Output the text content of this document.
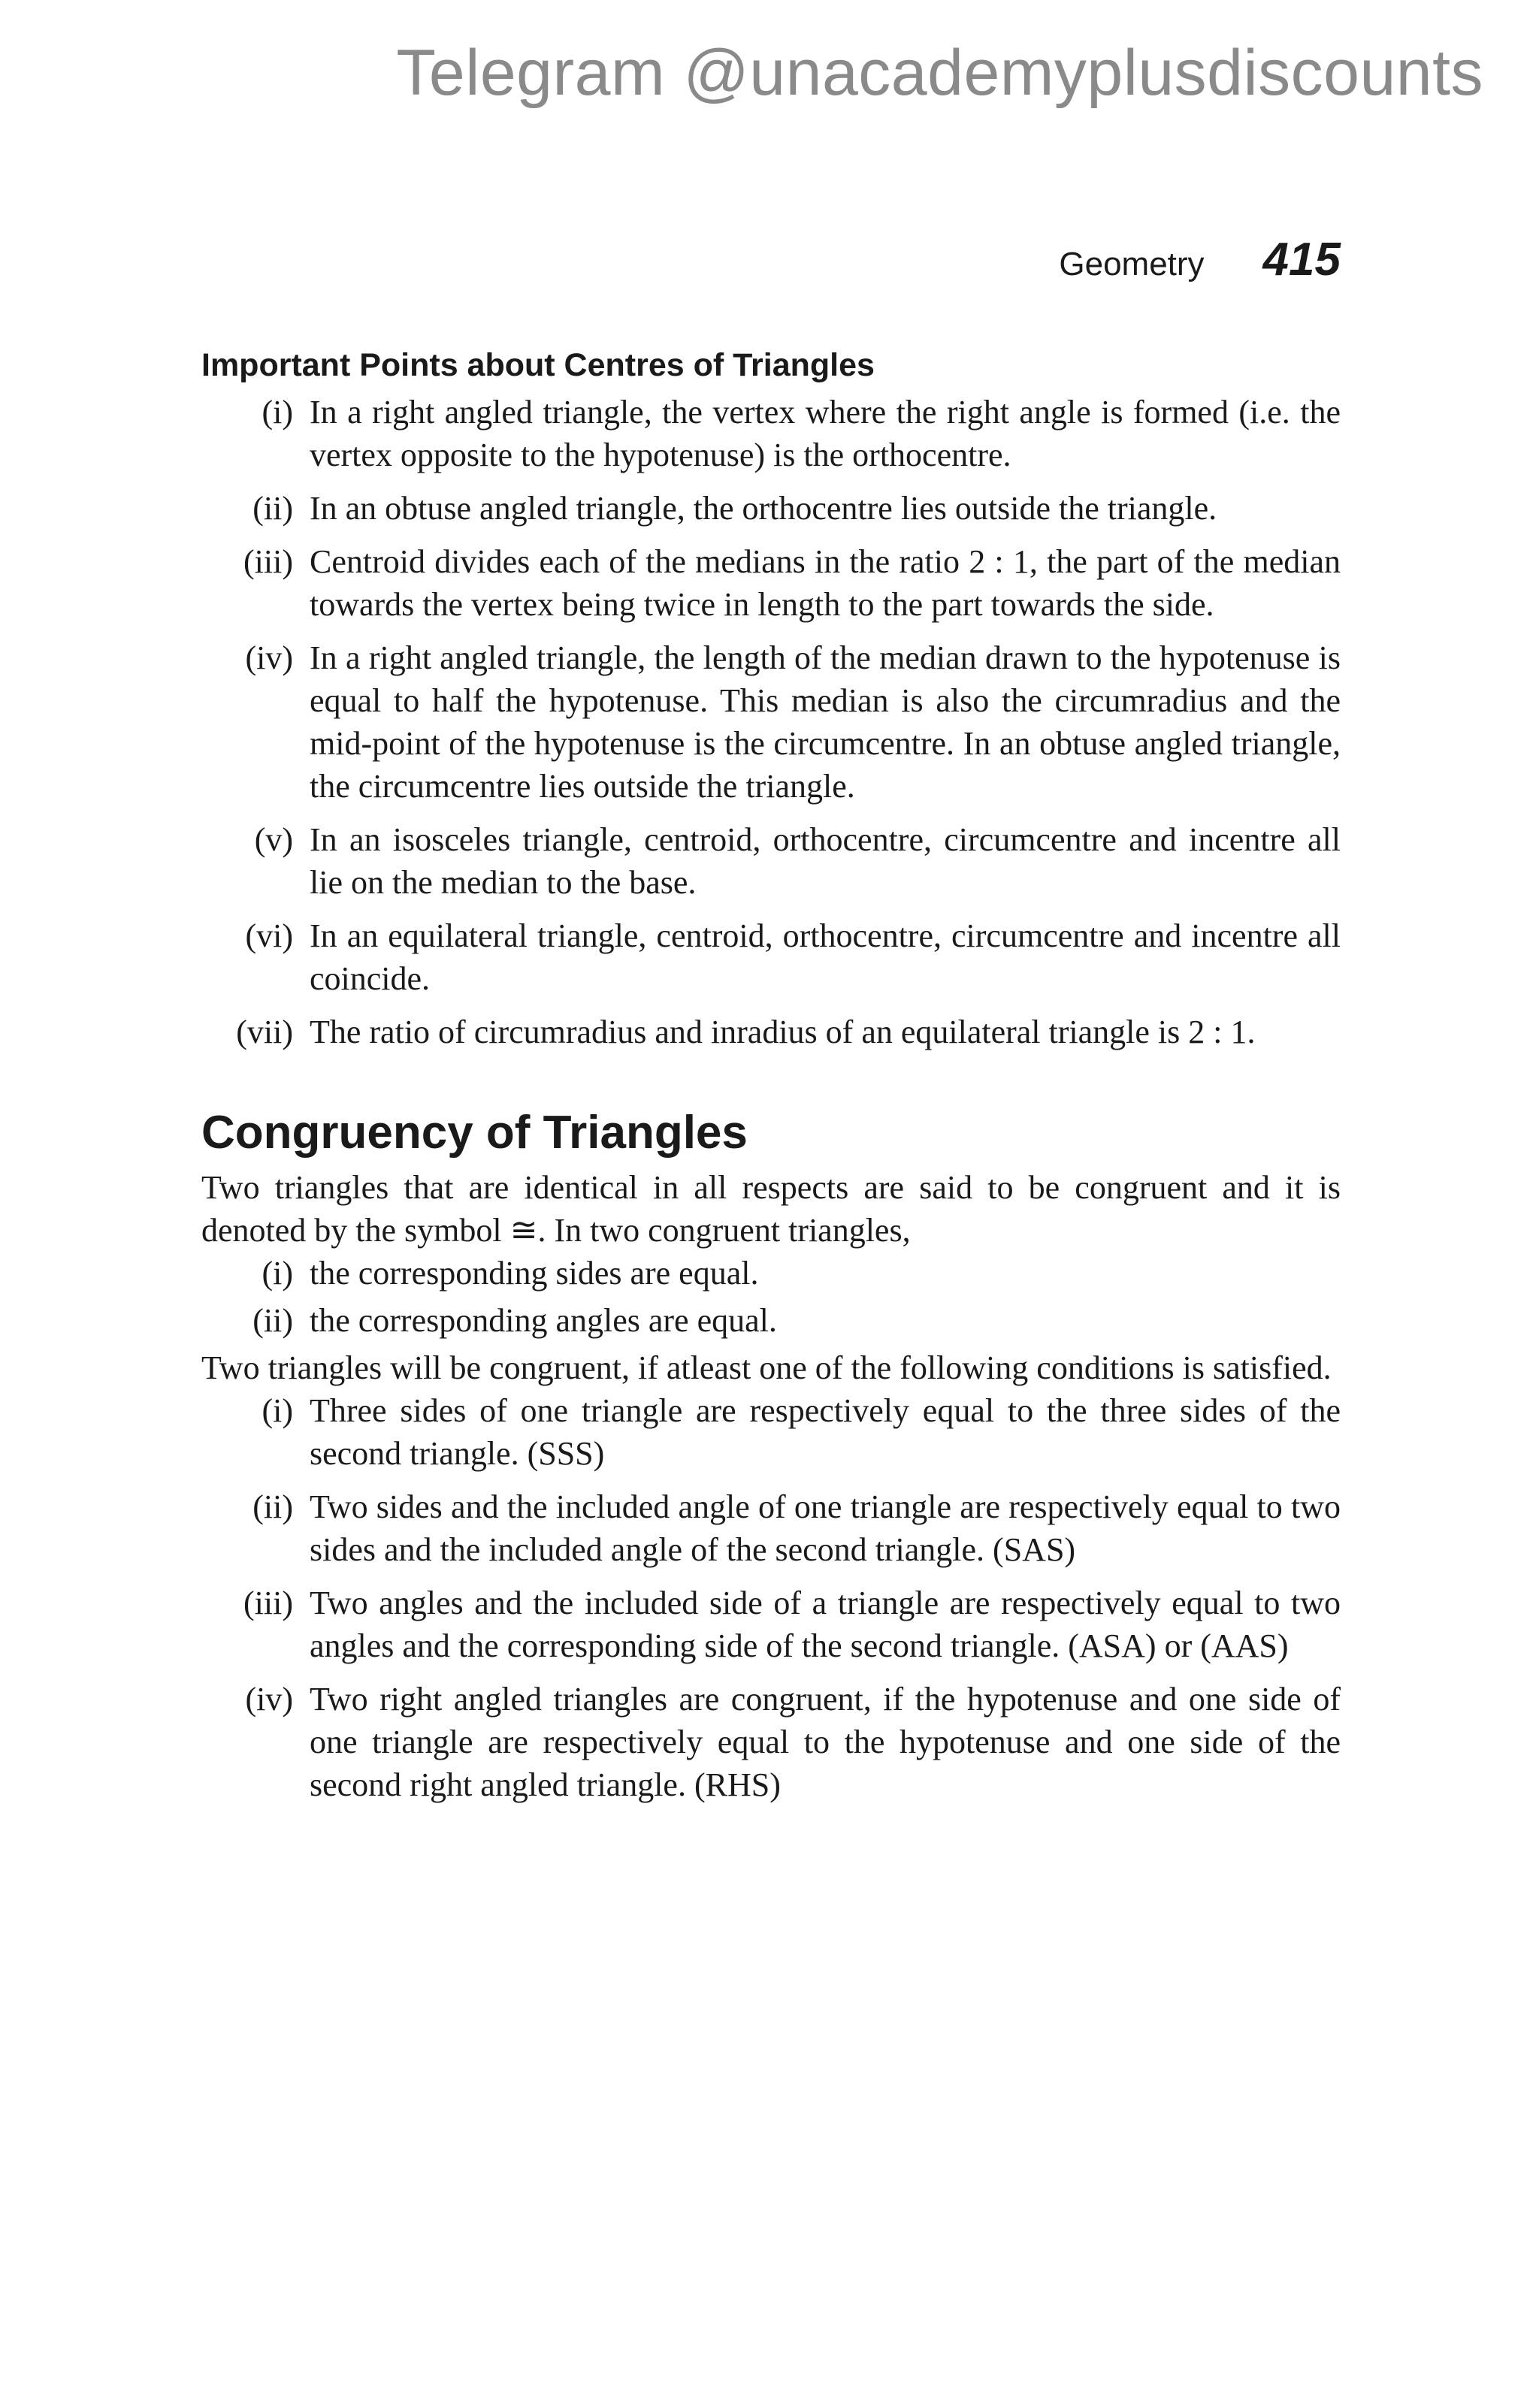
Telegram @unacademyplusdiscounts
Geometry 415
Important Points about Centres of Triangles
(i) In a right angled triangle, the vertex where the right angle is formed (i.e. the vertex opposite to the hypotenuse) is the orthocentre.
(ii) In an obtuse angled triangle, the orthocentre lies outside the triangle.
(iii) Centroid divides each of the medians in the ratio 2 : 1, the part of the median towards the vertex being twice in length to the part towards the side.
(iv) In a right angled triangle, the length of the median drawn to the hypotenuse is equal to half the hypotenuse. This median is also the circumradius and the mid-point of the hypotenuse is the circumcentre. In an obtuse angled triangle, the circumcentre lies outside the triangle.
(v) In an isosceles triangle, centroid, orthocentre, circumcentre and incentre all lie on the median to the base.
(vi) In an equilateral triangle, centroid, orthocentre, circumcentre and incentre all coincide.
(vii) The ratio of circumradius and inradius of an equilateral triangle is 2 : 1.
Congruency of Triangles

Two triangles that are identical in all respects are said to be congruent and it is denoted by the symbol ≅. In two congruent triangles,

(i) the corresponding sides are equal.
(ii) the corresponding angles are equal.

Two triangles will be congruent, if atleast one of the following conditions is satisfied.

(i) Three sides of one triangle are respectively equal to the three sides of the second triangle. (SSS)
(ii) Two sides and the included angle of one triangle are respectively equal to two sides and the included angle of the second triangle. (SAS)
(iii) Two angles and the included side of a triangle are respectively equal to two angles and the corresponding side of the second triangle. (ASA) or (AAS)
(iv) Two right angled triangles are congruent, if the hypotenuse and one side of one triangle are respectively equal to the hypotenuse and one side of the second right angled triangle. (RHS)
